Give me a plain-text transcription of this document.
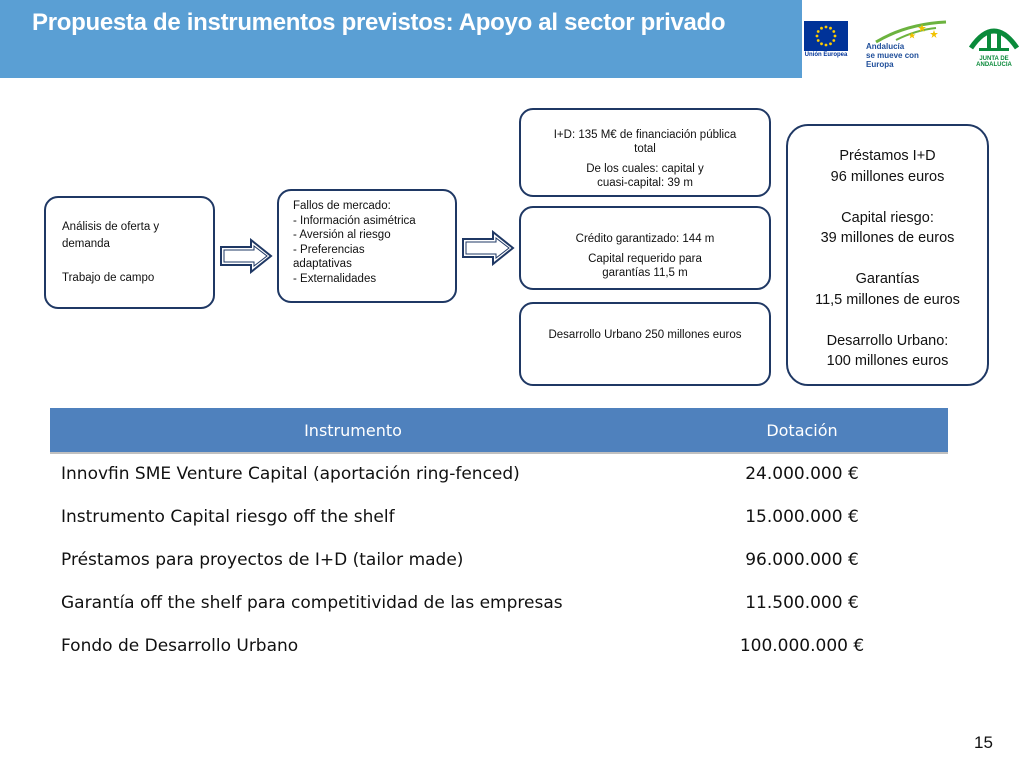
Propuesta de instrumentos previstos: Apoyo al sector privado
Unión Europea
Andalucía
se mueve con Europa
JUNTA DE ANDALUCIA
Análisis de oferta y
demanda
Trabajo de campo
Fallos de mercado:
- Información asimétrica
- Aversión al riesgo
- Preferencias
adaptativas
- Externalidades
I+D: 135 M€ de financiación pública
total
De los cuales: capital y
cuasi-capital: 39 m
Crédito garantizado: 144 m
Capital requerido para
garantías 11,5 m
Desarrollo Urbano 250 millones euros
Préstamos I+D
96 millones euros
Capital riesgo:
39 millones de euros
Garantías
11,5 millones de euros
Desarrollo Urbano:
100 millones euros
Instrumento	Dotación
Innovfin SME Venture Capital (aportación ring-fenced)	24.000.000 €
Instrumento Capital riesgo off the shelf	15.000.000 €
Préstamos para proyectos de I+D (tailor made)	96.000.000 €
Garantía off the shelf para competitividad de las empresas	11.500.000 €
Fondo de Desarrollo Urbano	100.000.000 €
15
